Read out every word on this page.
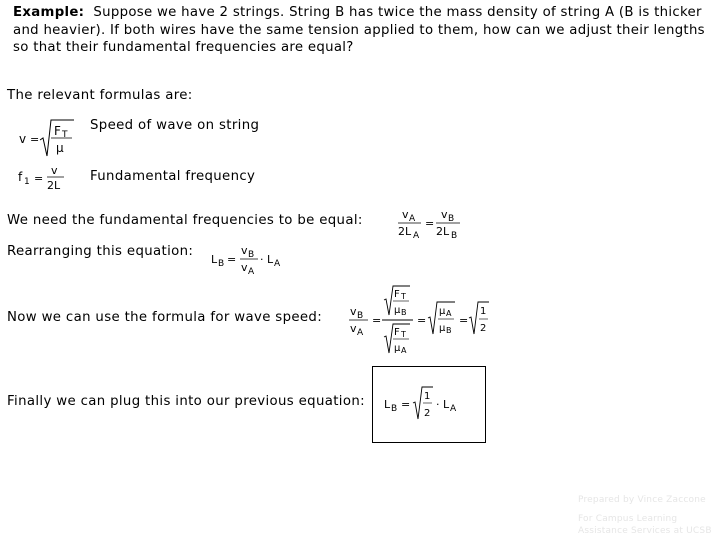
Example: Suppose we have 2 strings. String B has twice the mass density of string A (B is thicker and heavier). If both wires have the same tension applied to them, how can we adjust their lengths so that their fundamental frequencies are equal?
The relevant formulas are:
v =
F T
μ
Speed of wave on string
f 1 =
v
2L
Fundamental frequency
We need the fundamental frequencies to be equal:	v A
2L A
=
v B
2L B
Rearranging this equation:
L B =
v B
v A
· L A
Now we can use the formula for wave speed:	v B
v A
=
F T
μ B
F T
μ A
=
μ A
μ B
=
1
2
Finally we can plug this into our previous equation: L B =
1
2
· L A
Prepared by Vince Zaccone
For Campus Learning
Assistance Services at UCSB
